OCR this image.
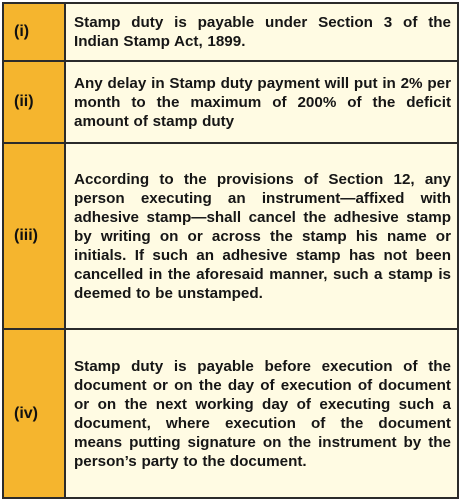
(i)	Stamp duty is payable under Section 3 of the Indian Stamp Act, 1899.
(ii)	Any delay in Stamp duty payment will put in 2% per month to the maximum of 200% of the deficit amount of stamp duty
(iii)	According to the provisions of Section 12, any person executing an instrument—affixed with adhesive stamp—shall cancel the adhesive stamp by writing on or across the stamp his name or initials. If such an adhesive stamp has not been cancelled in the aforesaid manner, such a stamp is deemed to be unstamped.
(iv)	Stamp duty is payable before execution of the document or on the day of execution of document or on the next working day of executing such a document, where execution of the document means putting signature on the instrument by the person’s party to the document.
